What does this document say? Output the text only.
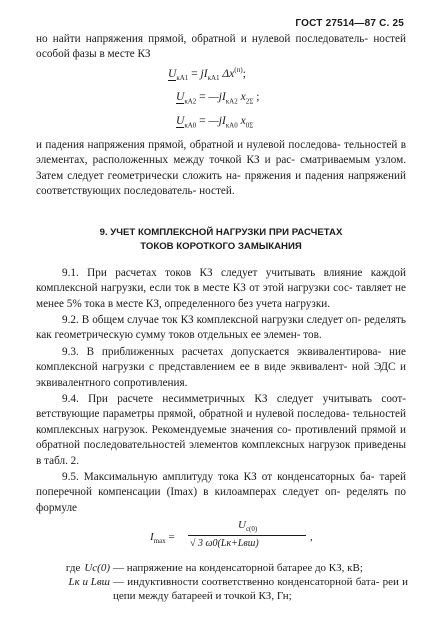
ГОСТ 27514—87 С. 25

но найти напряжения прямой, обратной и нулевой последователь- ностей особой фазы в месте КЗ

$U_{кА1} = jI_{кА1}$ $\Delta x^{(п)}$;
$U_{кА2}$ = $—jI_{кА2}$ $x_{2\Sigma}$ ;
$U_{кА0}$ = $—jI_{кА0}$ $x_{0\Sigma}$

и падения напряжения прямой, обратной и нулевой последова- тельностей в элементах, расположенных между точкой КЗ и рас- сматриваемым узлом. Затем следует геометрически сложить на- пряжения и падения напряжений соответствующих последователь- ностей.

9. УЧЕТ КОМПЛЕКСНОЙ НАГРУЗКИ ПРИ РАСЧЕТАХ
ТОКОВ КОРОТКОГО ЗАМЫКАНИЯ

9.1. При расчетах токов КЗ следует учитывать влияние каждой комплексной нагрузки, если ток в месте КЗ от этой нагрузки сос- тавляет не менее 5% тока в месте КЗ, определенного без учета нагрузки.

9.2. В общем случае ток КЗ комплексной нагрузки следует оп- ределять как геометрическую сумму токов отдельных ее элемен- тов.

9.3. В приближенных расчетах допускается эквивалентирова- ние комплексной нагрузки с представлением ее в виде эквивалент- ной ЭДС и эквивалентного сопротивления.

9.4. При расчете несимметричных КЗ следует учитывать соот- ветствующие параметры прямой, обратной и нулевой последова- тельностей комплексных нагрузок. Рекомендуемые значения со- противлений прямой и обратной последовательностей элементов комплексных нагрузок приведены в табл. 2.

9.5. Максимальную амплитуду тока КЗ от конденсаторных ба- тарей поперечной компенсации (Imax) в килоамперах следует оп- ределять по формуле

$I_{max}$ =
$U_{c(0)}$
√ 3 ω0(Lк+Lвш)
,
где Uc(0) — напряжение на конденсаторной батарее до КЗ, кВ;
Lк и Lвш — индуктивности соответственно конденсаторной бата- реи и цепи между батареей и точкой КЗ, Гн;
